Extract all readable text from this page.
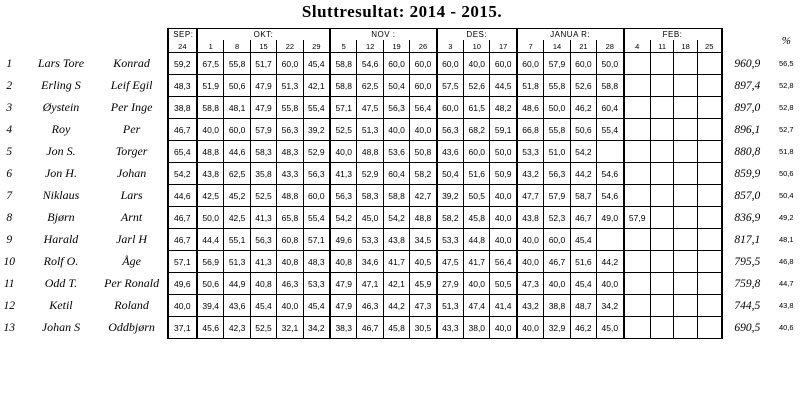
Sluttresultat: 2014 - 2015.
			SEP:	OKT:					NOV :				DES:			JANUA R:				FEB:						%
			24	1	8	15	22	29	5	12	19	26	3	10	17	7	14	21	28	4	11	18	25			
1	Lars Tore	Konrad	59,2	67,5	55,8	51,7	60,0	45,4	58,8	54,6	60,0	60,0	60,0	40,0	60,0	60,0	57,9	60,0	50,0						960,9	56,5
2	Erling S	Leif Egil	48,3	51,9	50,6	47,9	51,3	42,1	58,8	62,5	50,4	60,0	57,5	52,6	44,5	51,8	55,8	52,6	58,8						897,4	52,8
3	Øystein	Per Inge	38,8	58,8	48,1	47,9	55,8	55,4	57,1	47,5	56,3	56,4	60,0	61,5	48,2	48,6	50,0	46,2	60,4						897,0	52,8
4	Roy	Per	46,7	40,0	60,0	57,9	56,3	39,2	52,5	51,3	40,0	40,0	56,3	68,2	59,1	66,8	55,8	50,6	55,4						896,1	52,7
5	Jon S.	Torger	65,4	48,8	44,6	58,3	48,3	52,9	40,0	48,8	53,6	50,8	43,6	60,0	50,0	53,3	51,0	54,2							880,8	51,8
6	Jon H.	Johan	54,2	43,8	62,5	35,8	43,3	56,3	41,3	52,9	60,4	58,2	50,4	51,6	50,9	43,2	56,3	44,2	54,6						859,9	50,6
7	Niklaus	Lars	44,6	42,5	45,2	52,5	48,8	60,0	56,3	58,3	58,8	42,7	39,2	50,5	40,0	47,7	57,9	58,7	54,6						857,0	50,4
8	Bjørn	Arnt	46,7	50,0	42,5	41,3	65,8	55,4	54,2	45,0	54,2	48,8	58,2	45,8	40,0	43,8	52,3	46,7	49,0	57,9					836,9	49,2
9	Harald	Jarl H	46,7	44,4	55,1	56,3	60,8	57,1	49,6	53,3	43,8	34,5	53,3	44,8	40,0	40,0	60,0	45,4							817,1	48,1
10	Rolf O.	Åge	57,1	56,9	51,3	41,3	40,8	48,3	40,8	34,6	41,7	40,5	47,5	41,7	56,4	40,0	46,7	51,6	44,2						795,5	46,8
11	Odd T.	Per Ronald	49,6	50,6	44,9	40,8	46,3	53,3	47,9	47,1	42,1	45,9	27,9	40,0	50,5	47,3	40,0	45,4	40,0						759,8	44,7
12	Ketil	Roland	40,0	39,4	43,6	45,4	40,0	45,4	47,9	46,3	44,2	47,3	51,3	47,4	41,4	43,2	38,8	48,7	34,2						744,5	43,8
13	Johan S	Oddbjørn	37,1	45,6	42,3	52,5	32,1	34,2	38,3	46,7	45,8	30,5	43,3	38,0	40,0	40,0	32,9	46,2	45,0						690,5	40,6
